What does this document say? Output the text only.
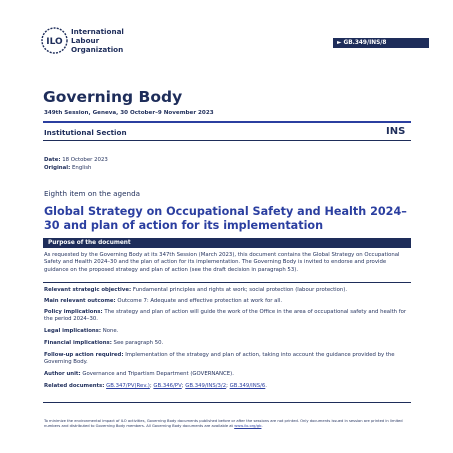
ILO
International
Labour
Organization
► GB.349/INS/8
Governing Body
349th Session, Geneva, 30 October–9 November 2023
Institutional Section	INS
Date: 18 October 2023
Original: English
Eighth item on the agenda
Global Strategy on Occupational Safety and Health 2024–30 and plan of action for its implementation
Purpose of the document
As requested by the Governing Body at its 347th Session (March 2023), this document contains the Global Strategy on Occupational Safety and Health 2024–30 and the plan of action for its implementation. The Governing Body is invited to endorse and provide guidance on the proposed strategy and plan of action (see the draft decision in paragraph 53).
Relevant strategic objective: Fundamental principles and rights at work; social protection (labour protection).
Main relevant outcome: Outcome 7: Adequate and effective protection at work for all.
Policy implications: The strategy and plan of action will guide the work of the Office in the area of occupational safety and health for the period 2024–30.
Legal implications: None.
Financial implications: See paragraph 50.
Follow-up action required: Implementation of the strategy and plan of action, taking into account the guidance provided by the Governing Body.
Author unit: Governance and Tripartism Department (GOVERNANCE).
Related documents: GB.347/PV(Rev.); GB.346/PV; GB.349/INS/3/2; GB.349/INS/6.
To minimize the environmental impact of ILO activities, Governing Body documents published before or after the sessions are not printed. Only documents issued in session are printed in limited numbers and distributed to Governing Body members. All Governing Body documents are available at www.ilo.org/gb.
